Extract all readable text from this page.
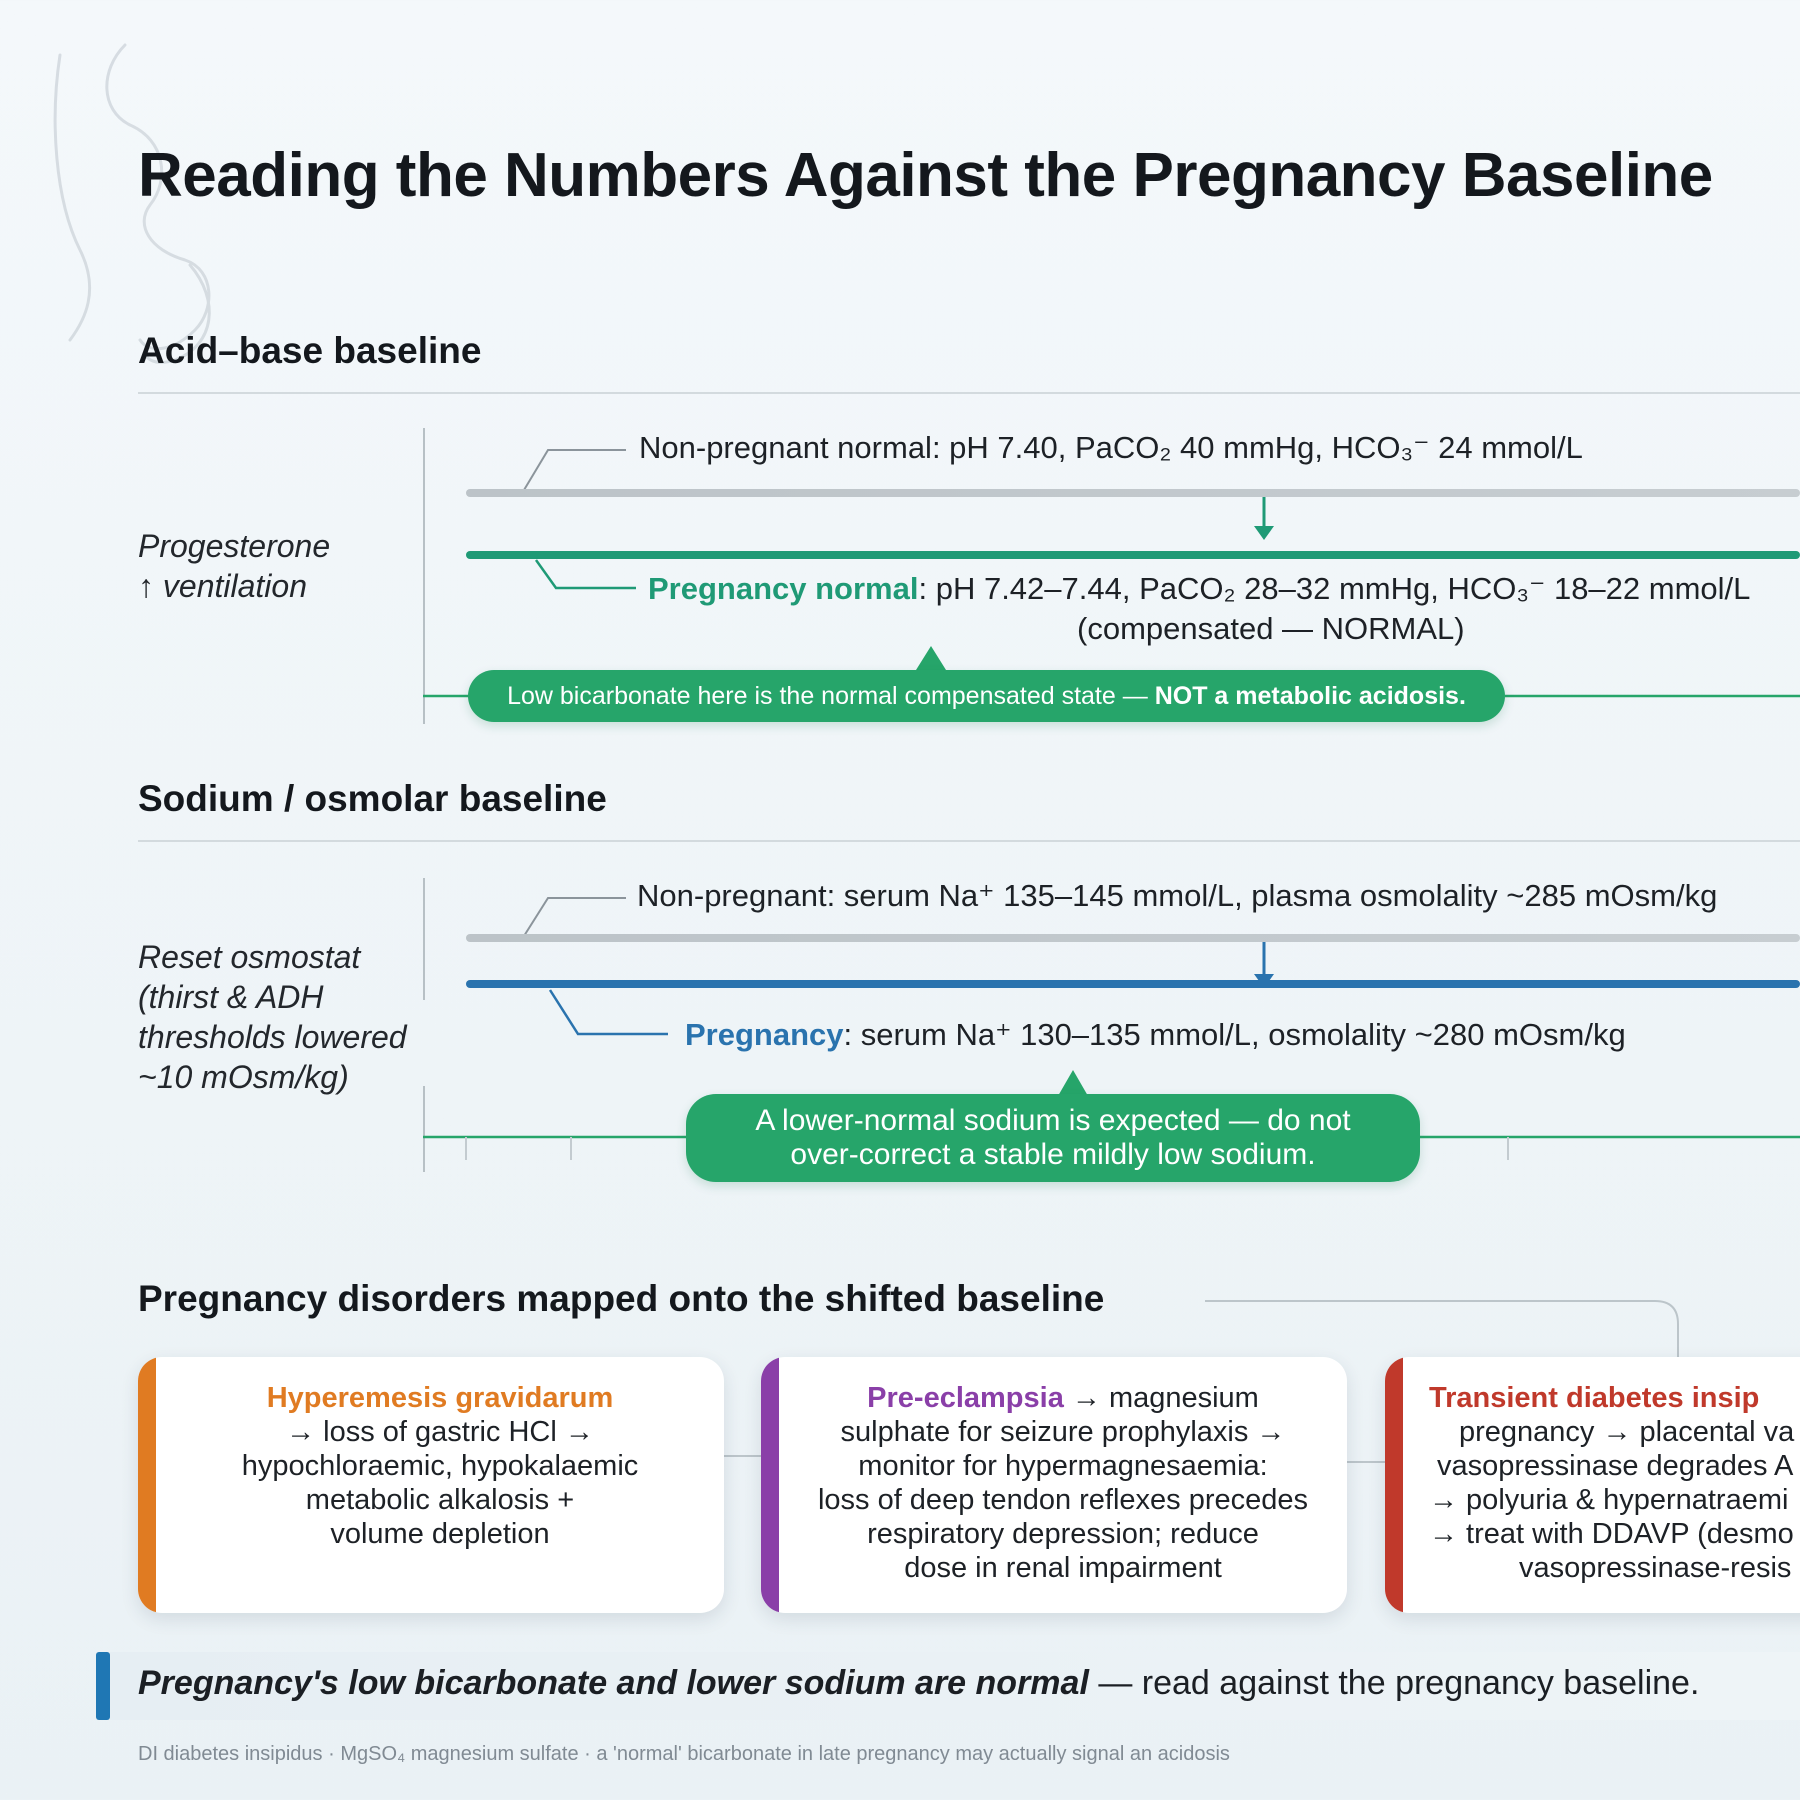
Reading the Numbers Against the Pregnancy Baseline
Acid–base baseline
Progesterone
↑ ventilation
Non-pregnant normal: pH 7.40, PaCO₂ 40 mmHg, HCO₃⁻ 24 mmol/L
Pregnancy normal: pH 7.42–7.44, PaCO₂ 28–32 mmHg, HCO₃⁻ 18–22 mmol/L
(compensated — NORMAL)
Low bicarbonate here is the normal compensated state — NOT a metabolic acidosis.
Sodium / osmolar baseline
Reset osmostat
(thirst & ADH
thresholds lowered
~10 mOsm/kg)
Non-pregnant: serum Na⁺ 135–145 mmol/L, plasma osmolality ~285 mOsm/kg
Pregnancy: serum Na⁺ 130–135 mmol/L, osmolality ~280 mOsm/kg
A lower-normal sodium is expected — do not
over-correct a stable mildly low sodium.
Pregnancy disorders mapped onto the shifted baseline
Hyperemesis gravidarum
→ loss of gastric HCl →
hypochloraemic, hypokalaemic
metabolic alkalosis +
volume depletion
Pre-eclampsia → magnesium
sulphate for seizure prophylaxis →
monitor for hypermagnesaemia:
loss of deep tendon reflexes precedes
respiratory depression; reduce
dose in renal impairment
Transient diabetes insip
pregnancy → placental va
vasopressinase degrades A
→ polyuria & hypernatraemi
→ treat with DDAVP (desmo
vasopressinase-resis
Pregnancy's low bicarbonate and lower sodium are normal — read against the pregnancy baseline.
DI diabetes insipidus · MgSO₄ magnesium sulfate · a 'normal' bicarbonate in late pregnancy may actually signal an acidosis
